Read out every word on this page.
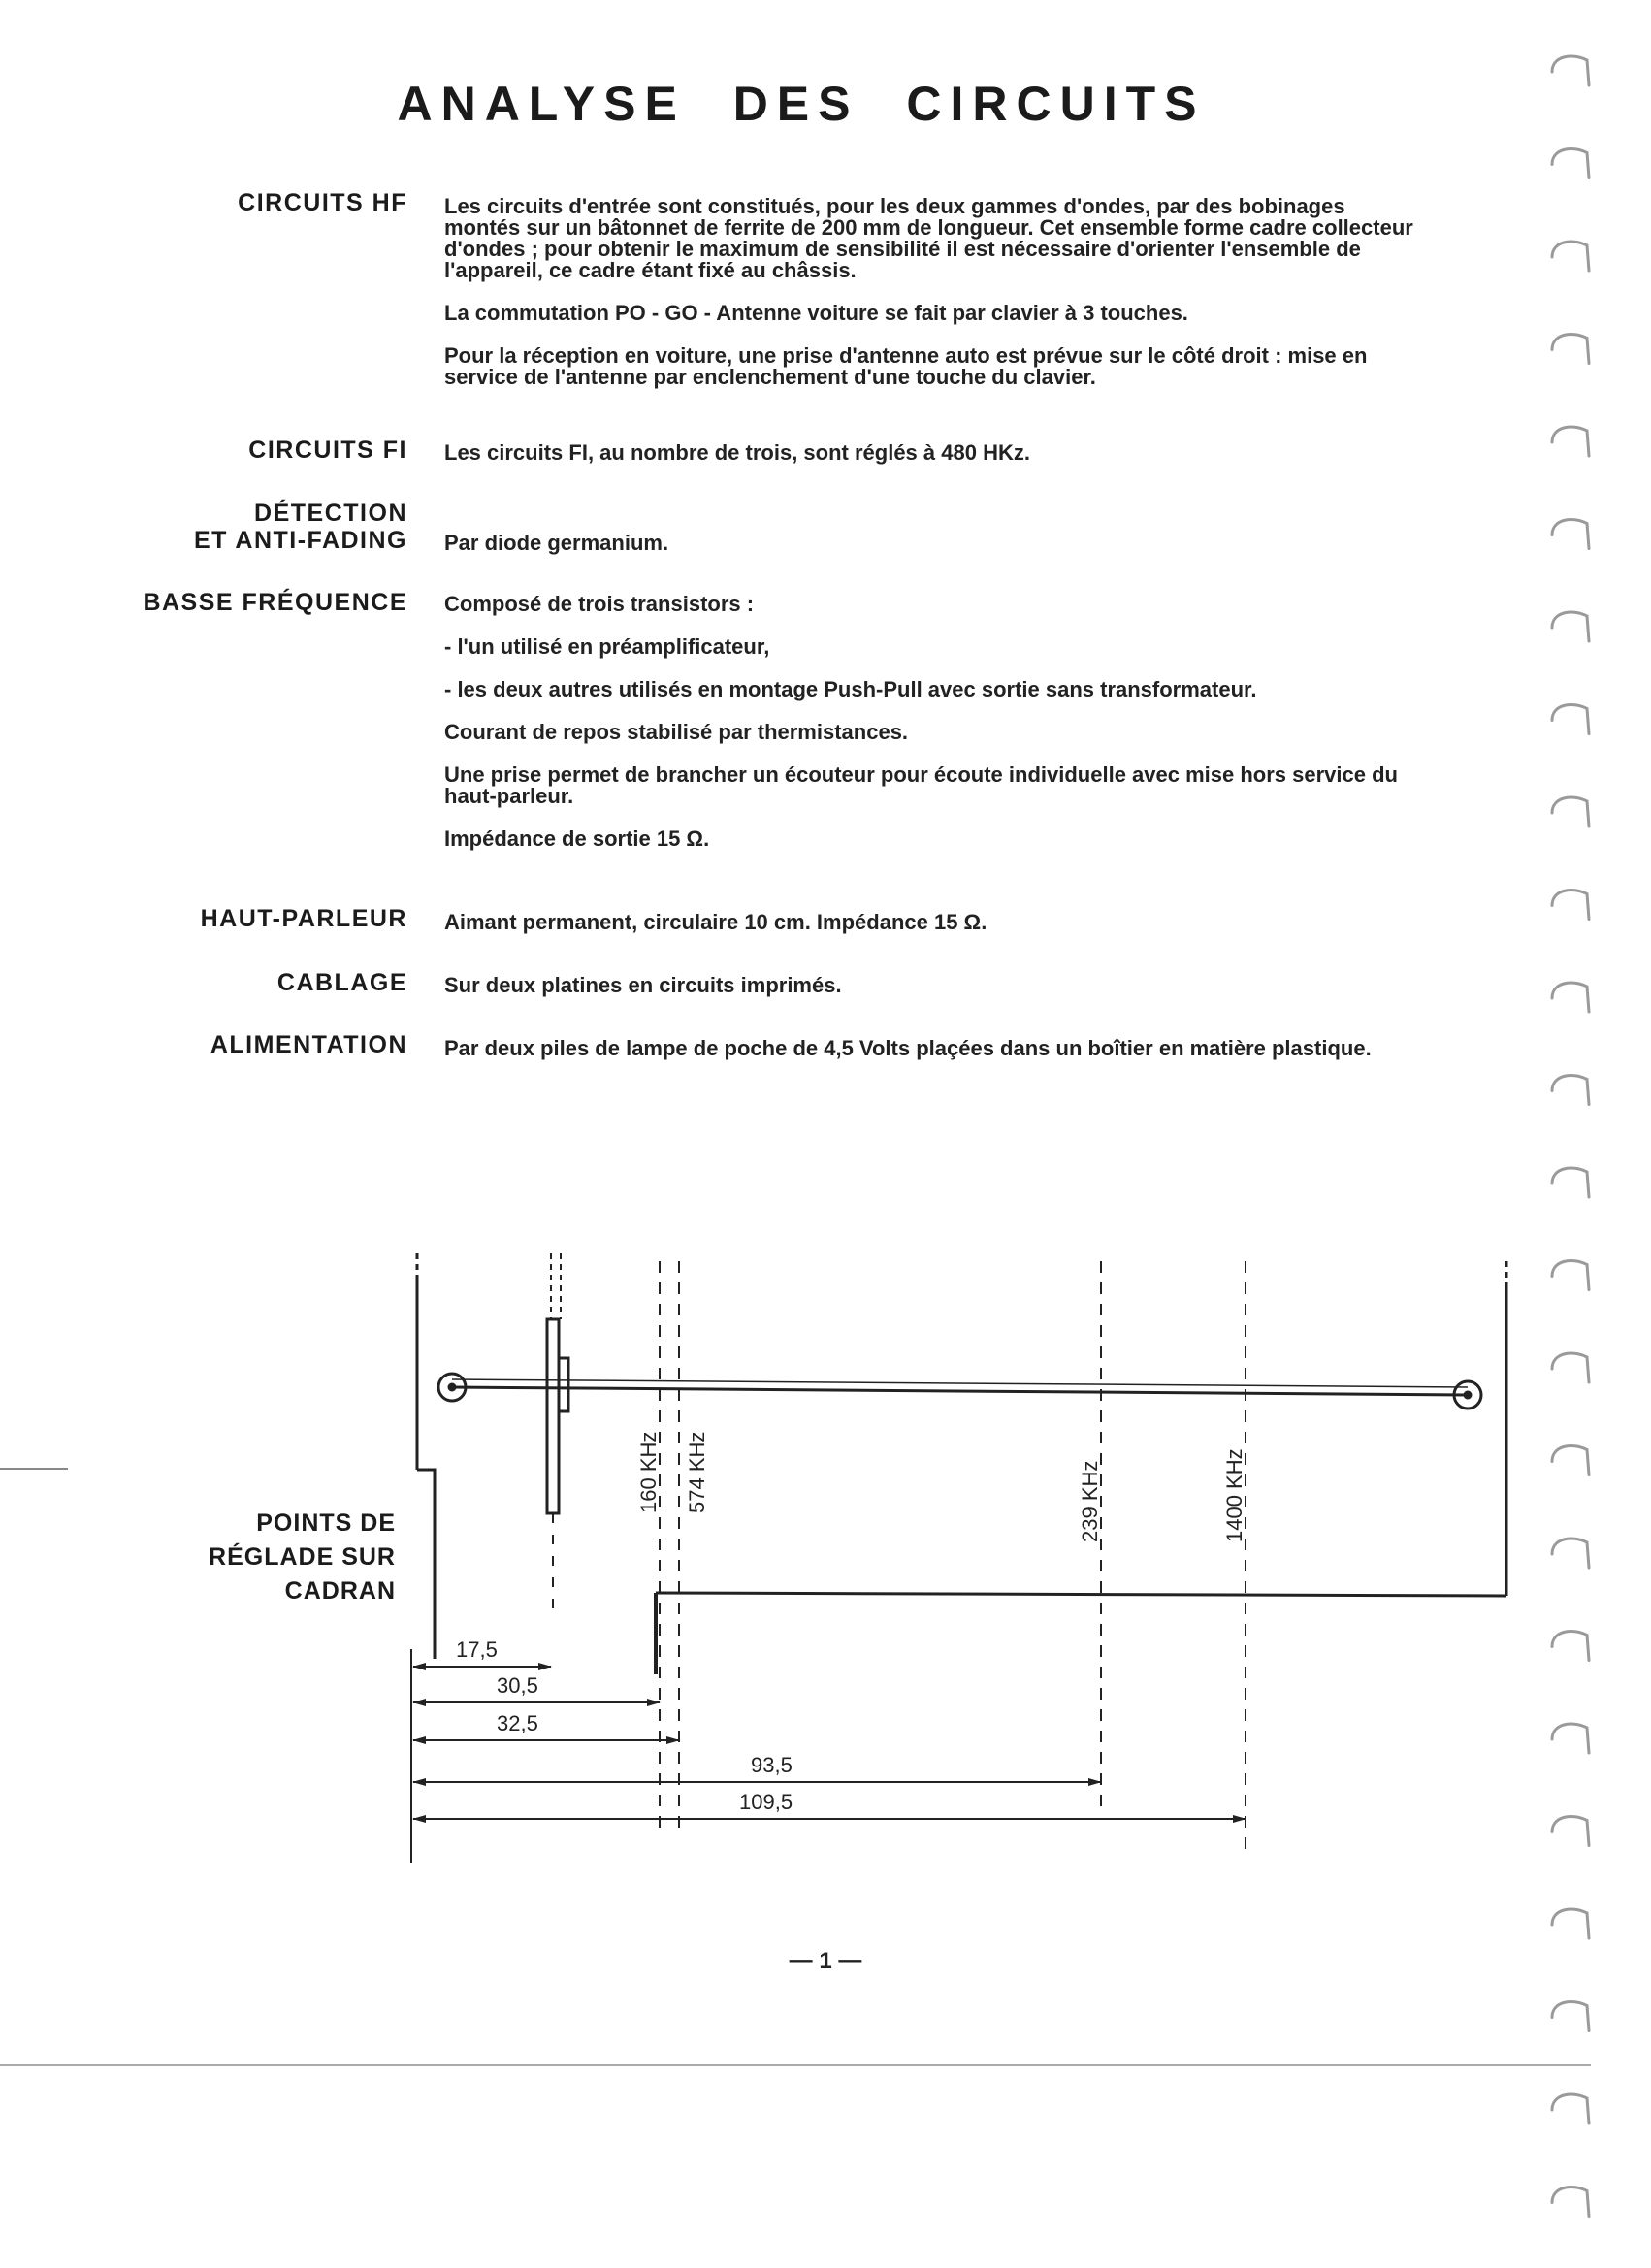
ANALYSE DES CIRCUITS
CIRCUITS HF
CIRCUITS FI
DÉTECTION
ET ANTI-FADING
BASSE FRÉQUENCE
HAUT-PARLEUR
CABLAGE
ALIMENTATION

Les circuits d'entrée sont constitués, pour les deux gammes d'ondes, par des bobinages montés sur un bâtonnet de ferrite de 200 mm de longueur. Cet ensemble forme cadre collecteur d'ondes ; pour obtenir le maximum de sensibilité il est nécessaire d'orienter l'ensemble de l'appareil, ce cadre étant fixé au châssis.

La commutation PO - GO - Antenne voiture se fait par clavier à 3 touches.

Pour la réception en voiture, une prise d'antenne auto est prévue sur le côté droit : mise en service de l'antenne par enclenchement d'une touche du clavier.

Les circuits FI, au nombre de trois, sont réglés à 480 HKz.

Par diode germanium.

Composé de trois transistors :

- l'un utilisé en préamplificateur,

- les deux autres utilisés en montage Push-Pull avec sortie sans transformateur.

Courant de repos stabilisé par thermistances.

Une prise permet de brancher un écouteur pour écoute individuelle avec mise hors service du haut-parleur.

Impédance de sortie 15 Ω.

Aimant permanent, circulaire 10 cm. Impédance 15 Ω.

Sur deux platines en circuits imprimés.

Par deux piles de lampe de poche de 4,5 Volts plaçées dans un boîtier en matière plastique.

POINTS DE
RÉGLADE SUR
CADRAN
160 KHz 574 KHz	239 KHz	1400 KHz
17,5
30,5
32,5
93,5
109,5
— 1 —
